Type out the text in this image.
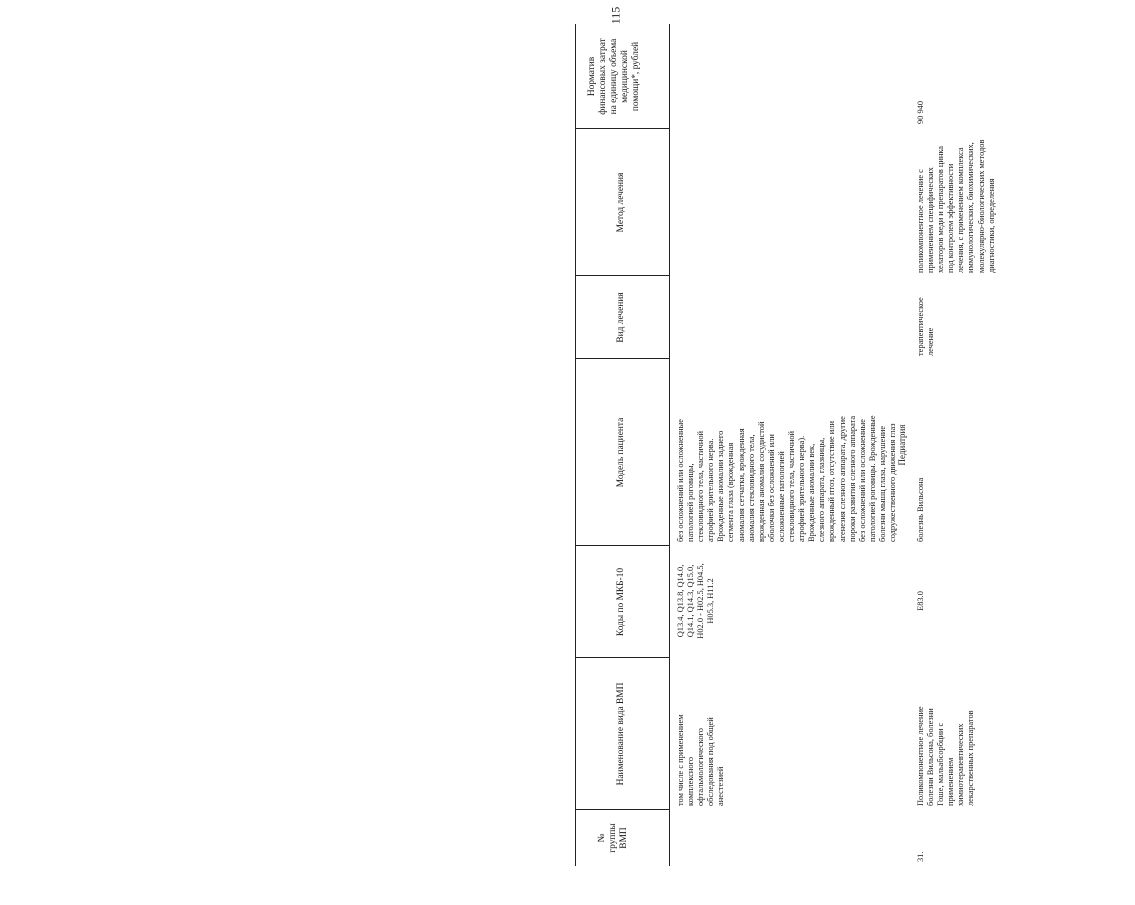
115
№
группы
ВМП
Наименование вида ВМП
Коды по МКБ-10
Модель пациента
Вид лечения
Метод лечения
Норматив
финансовых затрат
на единицу объема
медицинской
помощи*, рублей
том числе с применением
комплексного
офтальмологического
обследования под общей
анестезией
Q13.4, Q13.8, Q14.0,
Q14.1, Q14.3, Q15.0,
H02.0 - H02.5, H04.5,
H05.3, H11.2
без осложнений или осложненные
патологией роговицы,
стекловидного тела, частичной
атрофией зрительного нерва.
Врожденные аномалии заднего
сегмента глаза (врожденная
аномалия сетчатки, врожденная
аномалия стекловидного тела,
врожденная аномалия сосудистой
оболочки без осложнений или
осложненные патологией
стекловидного тела, частичной
атрофией зрительного нерва).
Врожденные аномалии век,
слезного аппарата, глазницы,
врожденный птоз, отсутствие или
агенезия слезного аппарата, другие
пороки развития слезного аппарата
без осложнений или осложненные
патологией роговицы. Врожденные
болезни мышц глаза, нарушение
содружественного движения глаз Педиатрия
31.
Поликомпонентное лечение
болезни Вильсона, болезни
Гоше, мальабсорбции с
применением
химиотерапевтических
лекарственных препаратов
E83.0
болезнь Вильсона
терапевтическое
лечение
поликомпонентное лечение с
применением специфических
хелаторов меди и препаратов цинка
под контролем эффективности
лечения, с применением комплекса
иммунологических, биохимических,
молекулярно-биологических методов
диагностики, определения
90 940
